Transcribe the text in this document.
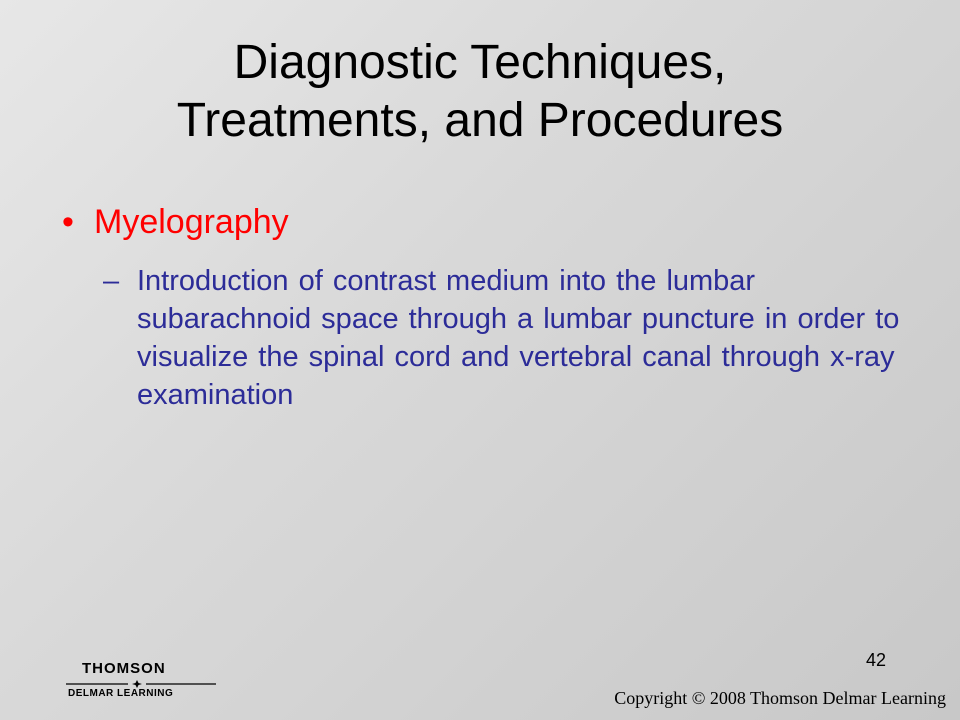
Diagnostic Techniques,
Treatments, and Procedures
• Myelography
– Introduction of contrast medium into the lumbar subarachnoid space through a lumbar puncture in order to visualize the spinal cord and vertebral canal through x-ray examination
42
THOMSON
DELMAR LEARNING	Copyright © 2008 Thomson Delmar Learning
